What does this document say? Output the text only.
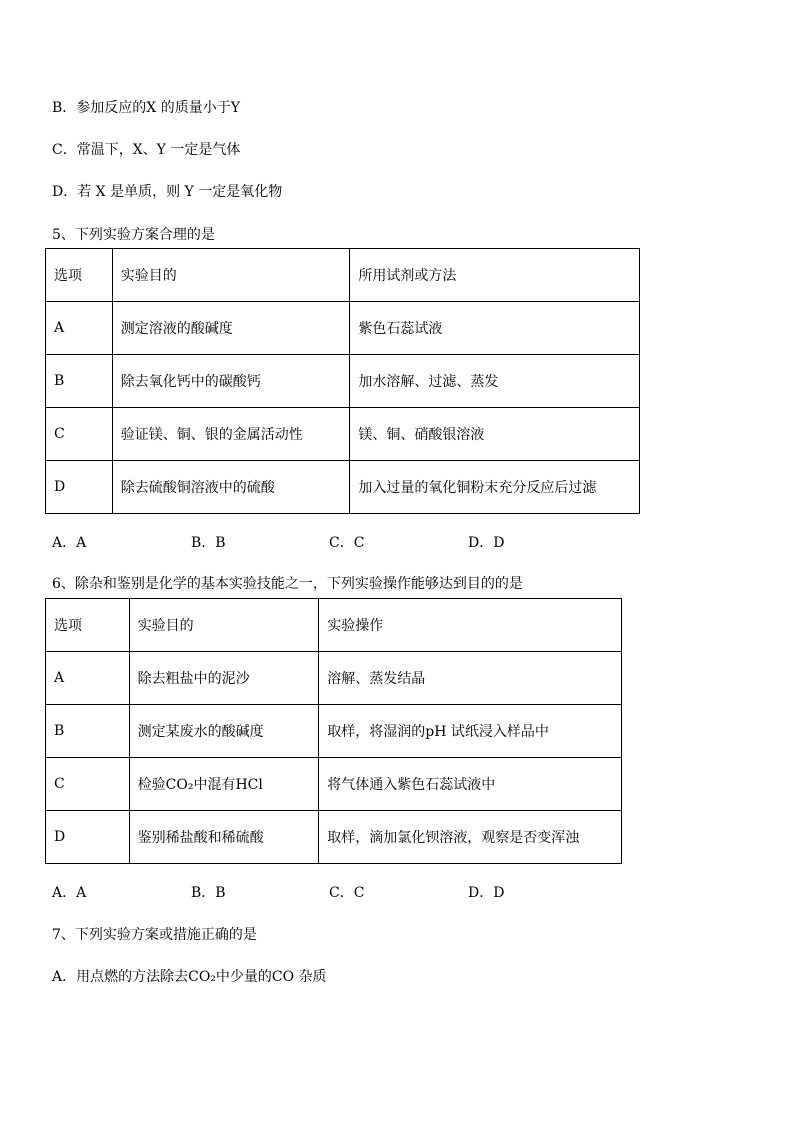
B．参加反应的X 的质量小于Y
C．常温下，X、Y 一定是气体
D．若 X 是单质，则 Y 一定是氧化物
5、下列实验方案合理的是
选项	实验目的	所用试剂或方法
A	测定溶液的酸碱度	紫色石蕊试液
B	除去氧化钙中的碳酸钙	加水溶解、过滤、蒸发
C	验证镁、铜、银的金属活动性	镁、铜、硝酸银溶液
D	除去硫酸铜溶液中的硫酸	加入过量的氧化铜粉末充分反应后过滤
A．A	B．B	C．C	D．D
6、除杂和鉴别是化学的基本实验技能之一，下列实验操作能够达到目的的是
选项	实验目的	实验操作
A	除去粗盐中的泥沙	溶解、蒸发结晶
B	测定某废水的酸碱度	取样，将湿润的pH 试纸浸入样品中
C	检验CO₂中混有HCl	将气体通入紫色石蕊试液中
D	鉴别稀盐酸和稀硫酸	取样，滴加氯化钡溶液，观察是否变浑浊
A．A	B．B	C．C	D．D
7、下列实验方案或措施正确的是
A．用点燃的方法除去CO₂中少量的CO 杂质
